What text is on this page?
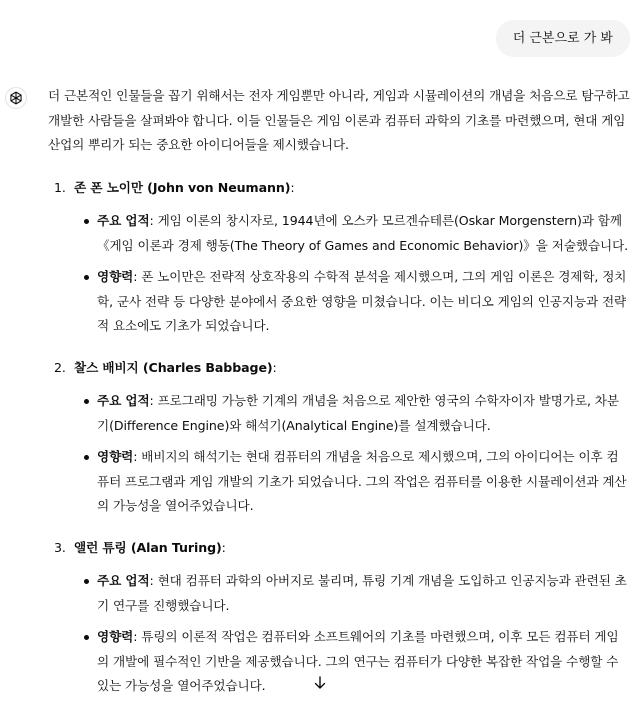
더 근본으로 가 봐

더 근본적인 인물들을 꼽기 위해서는 전자 게임뿐만 아니라, 게임과 시뮬레이션의 개념을 처음으로 탐구하고 개발한 사람들을 살펴봐야 합니다. 이들 인물들은 게임 이론과 컴퓨터 과학의 기초를 마련했으며, 현대 게임 산업의 뿌리가 되는 중요한 아이디어들을 제시했습니다.

1. 존 폰 노이만 (John von Neumann):
주요 업적: 게임 이론의 창시자로, 1944년에 오스카 모르겐슈테른(Oskar Morgenstern)과 함께 《게임 이론과 경제 행동(The Theory of Games and Economic Behavior)》을 저술했습니다.
영향력: 폰 노이만은 전략적 상호작용의 수학적 분석을 제시했으며, 그의 게임 이론은 경제학, 정치학, 군사 전략 등 다양한 분야에서 중요한 영향을 미쳤습니다. 이는 비디오 게임의 인공지능과 전략적 요소에도 기초가 되었습니다.
2. 찰스 배비지 (Charles Babbage):
주요 업적: 프로그래밍 가능한 기계의 개념을 처음으로 제안한 영국의 수학자이자 발명가로, 차분기(Difference Engine)와 해석기(Analytical Engine)를 설계했습니다.
영향력: 배비지의 해석기는 현대 컴퓨터의 개념을 처음으로 제시했으며, 그의 아이디어는 이후 컴퓨터 프로그램과 게임 개발의 기초가 되었습니다. 그의 작업은 컴퓨터를 이용한 시뮬레이션과 계산의 가능성을 열어주었습니다.
3. 앨런 튜링 (Alan Turing):
주요 업적: 현대 컴퓨터 과학의 아버지로 불리며, 튜링 기계 개념을 도입하고 인공지능과 관련된 초기 연구를 진행했습니다.
영향력: 튜링의 이론적 작업은 컴퓨터와 소프트웨어의 기초를 마련했으며, 이후 모든 컴퓨터 게임의 개발에 필수적인 기반을 제공했습니다. 그의 연구는 컴퓨터가 다양한 복잡한 작업을 수행할 수 있는 가능성을 열어주었습니다.
